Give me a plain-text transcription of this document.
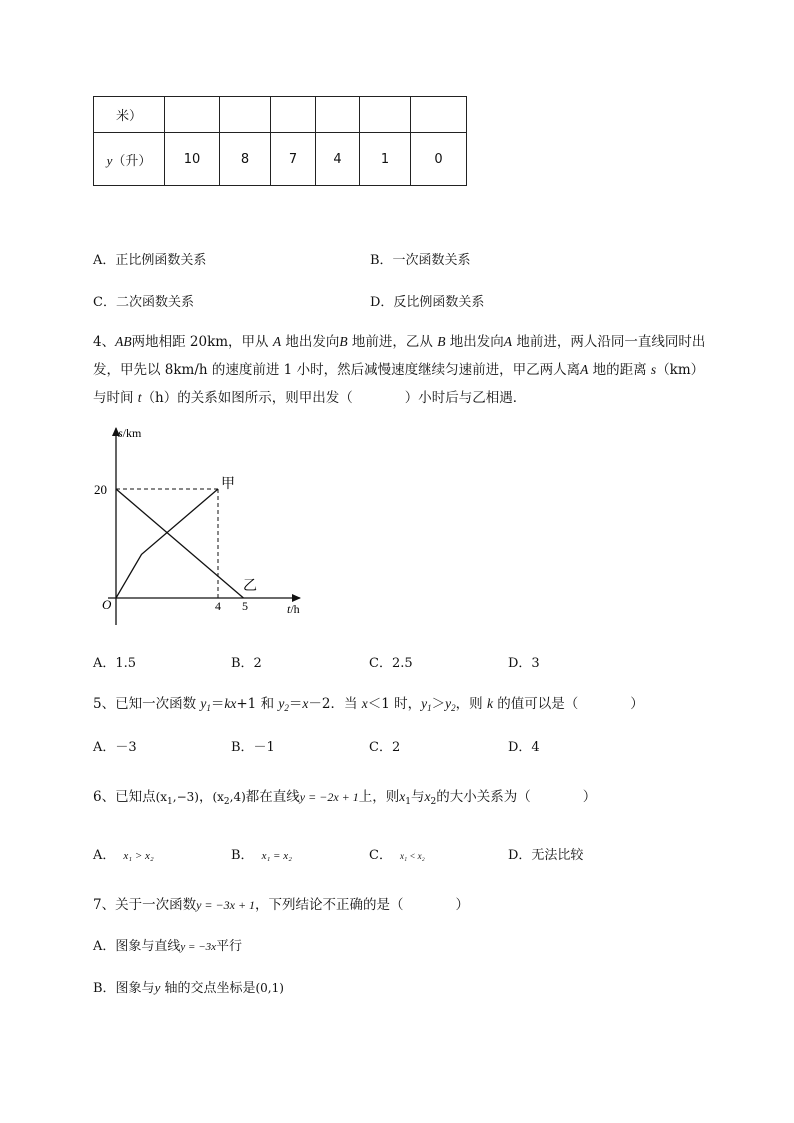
米）						
y（升）	10	8	7	4	1	0
A．正比例函数关系	B．一次函数关系
C．二次函数关系	D．反比例函数关系
4、AB两地相距 20km，甲从 A 地出发向B 地前进，乙从 B 地出发向A 地前进，两人沿同一直线同时出
发，甲先以 8km/h 的速度前进 1 小时，然后减慢速度继续匀速前进，甲乙两人离A 地的距离 s（km）
与时间 t（h）的关系如图所示，则甲出发（	）小时后与乙相遇．
s/km
20
O	4 5	t/h
甲
乙
A．1.5	B．2	C．2.5	D．3
5、已知一次函数 $y_1=kx+1$ 和 $y_2=x-2$．当 x＜1 时，$y_1>y_2$，则 k 的值可以是（	）
A．－3	B．－1	C．2	D．4
6、已知点$(x_1,-3)$，$(x_2,4)$都在直线y = −2x + 1上，则$x_1$与$x_2$的大小关系为（	）
A． x₁ > x₂	B． x₁ = x₂	C． x₁ < x₂	D．无法比较
7、关于一次函数y = −3x + 1，下列结论不正确的是（	）
A．图象与直线y = −3x平行
B．图象与y 轴的交点坐标是(0,1)
